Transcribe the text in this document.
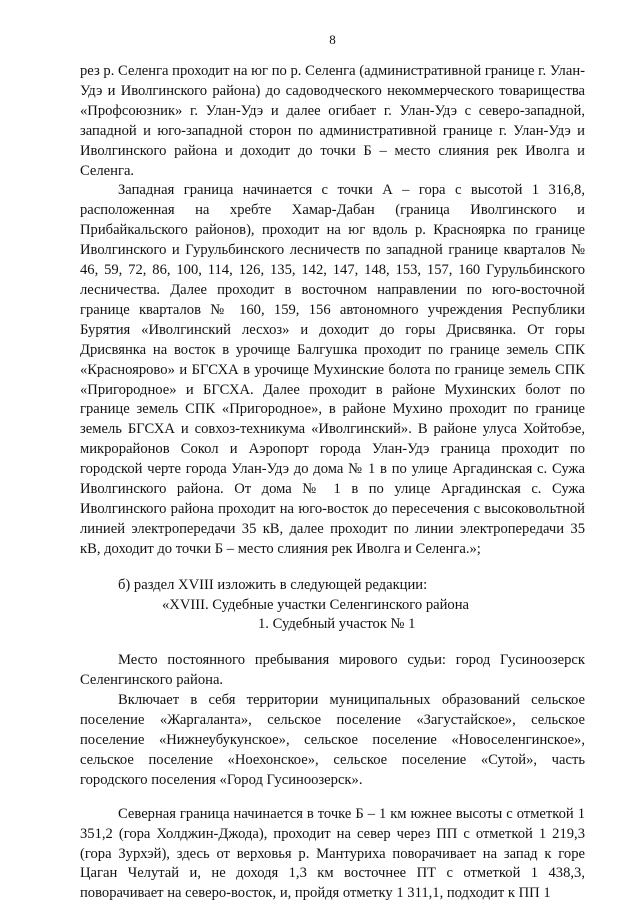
8

рез р. Селенга проходит на юг по р. Селенга (административной границе г. Улан-Удэ и Иволгинского района) до садоводческого некоммерческого товарищества «Профсоюзник» г. Улан-Удэ и далее огибает г. Улан-Удэ с северо-западной, западной и юго-западной сторон по административной границе г. Улан-Удэ и Иволгинского района и доходит до точки Б – место слияния рек Иволга и Селенга.

Западная граница начинается с точки А – гора с высотой 1 316,8, расположенная на хребте Хамар-Дабан (граница Иволгинского и Прибайкальского районов), проходит на юг вдоль р. Красноярка по границе Иволгинского и Гурульбинского лесничеств по западной границе кварталов № 46, 59, 72, 86, 100, 114, 126, 135, 142, 147, 148, 153, 157, 160 Гурульбинского лесничества. Далее проходит в восточном направлении по юго-восточной границе кварталов № 160, 159, 156 автономного учреждения Республики Бурятия «Иволгинский лесхоз» и доходит до горы Дрисвянка. От горы Дрисвянка на восток в урочище Балгушка проходит по границе земель СПК «Краснояровo» и БГСХА в урочище Мухинские болота по границе земель СПК «Пригородное» и БГСХА. Далее проходит в районе Мухинских болот по границе земель СПК «Пригородное», в районе Мухино проходит по границе земель БГСХА и совхоз-техникума «Иволгинский». В районе улуса Хойтобэе, микрорайонов Сокол и Аэропорт города Улан-Удэ граница проходит по городской черте города Улан-Удэ до дома № 1 в по улице Аргадинская с. Сужа Иволгинского района. От дома № 1 в по улице Аргадинская с. Сужа Иволгинского района проходит на юго-восток до пересечения с высоковольтной линией электропередачи 35 кВ, далее проходит по линии электропередачи 35 кВ, доходит до точки Б – место слияния рек Иволга и Селенга.»;

б) раздел XVIII изложить в следующей редакции:

«XVIII. Судебные участки Селенгинского района

1. Судебный участок № 1

Место постоянного пребывания мирового судьи: город Гусиноозерск Селенгинского района.

Включает в себя территории муниципальных образований сельское поселение «Жаргаланта», сельское поселение «Загустайское», сельское поселение «Нижнеубукунское», сельское поселение «Новоселенгинское», сельское поселение «Ноехонское», сельское поселение «Сутой», часть городского поселения «Город Гусиноозерск».

Северная граница начинается в точке Б – 1 км южнее высоты с отметкой 1 351,2 (гора Холджин-Джода), проходит на север через ПП с отметкой 1 219,3 (гора Зурхэй), здесь от верховья р. Мантуриха поворачивает на запад к горе Цаган Челутай и, не доходя 1,3 км восточнее ПТ с отметкой 1 438,3, поворачивает на северо-восток, и, пройдя отметку 1 311,1, подходит к ПП 1
